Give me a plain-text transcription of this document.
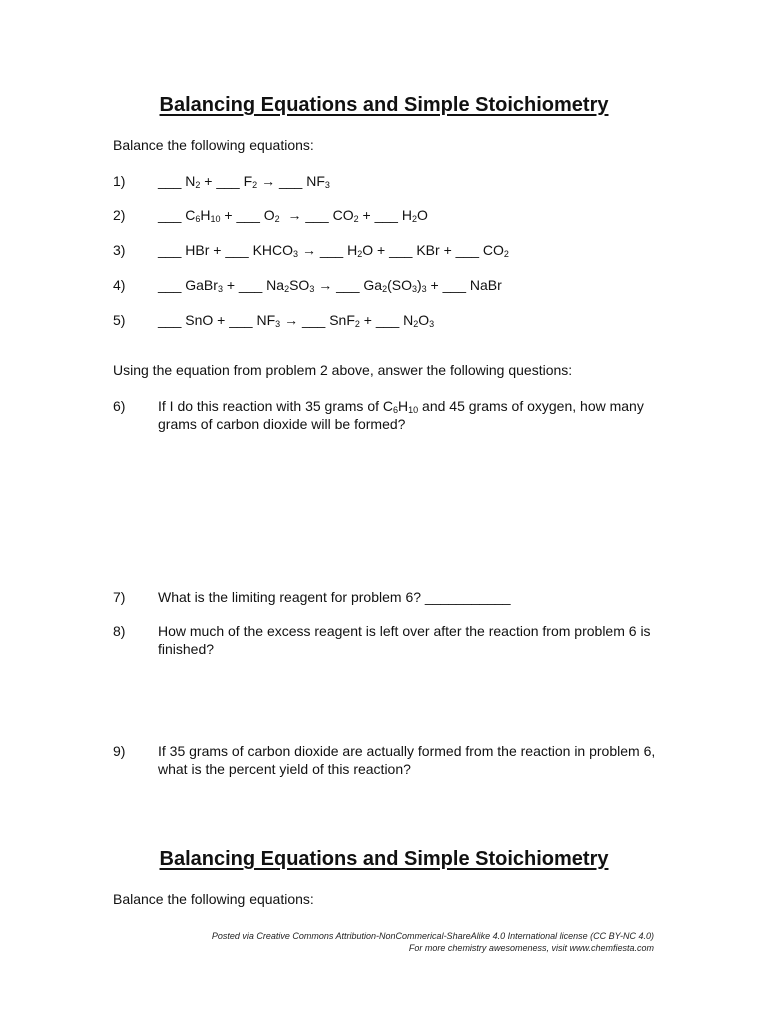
Balancing Equations and Simple Stoichiometry

Balance the following equations:

1) ___ $N_2$ + ___ $F_2$ → ___ $NF_3$
2) ___ $C_6H_{10}$ + ___ $O_2$ → ___ $CO_2$ + ___ $H_2O$
3) ___ HBr + ___ $KHCO_3$ → ___ $H_2O$ + ___ KBr + ___ $CO_2$
4) ___ GaBr$_3$ + ___ $Na_2SO_3$ → ___ $Ga_2(SO_3)_3$ + ___ NaBr
5) ___ SnO + ___ $NF_3$ → ___ SnF$_2$ + ___ $N_2O_3$

Using the equation from problem 2 above, answer the following questions:

6) If I do this reaction with 35 grams of $C_6H_{10}$ and 45 grams of oxygen, how many grams of carbon dioxide will be formed?
7) What is the limiting reagent for problem 6? ___________
8) How much of the excess reagent is left over after the reaction from problem 6 is finished?
9) If 35 grams of carbon dioxide are actually formed from the reaction in problem 6, what is the percent yield of this reaction?
Balancing Equations and Simple Stoichiometry

Balance the following equations:

Posted via Creative Commons Attribution-NonCommerical-ShareAlike 4.0 International license (CC BY-NC 4.0)

For more chemistry awesomeness, visit www.chemfiesta.com
